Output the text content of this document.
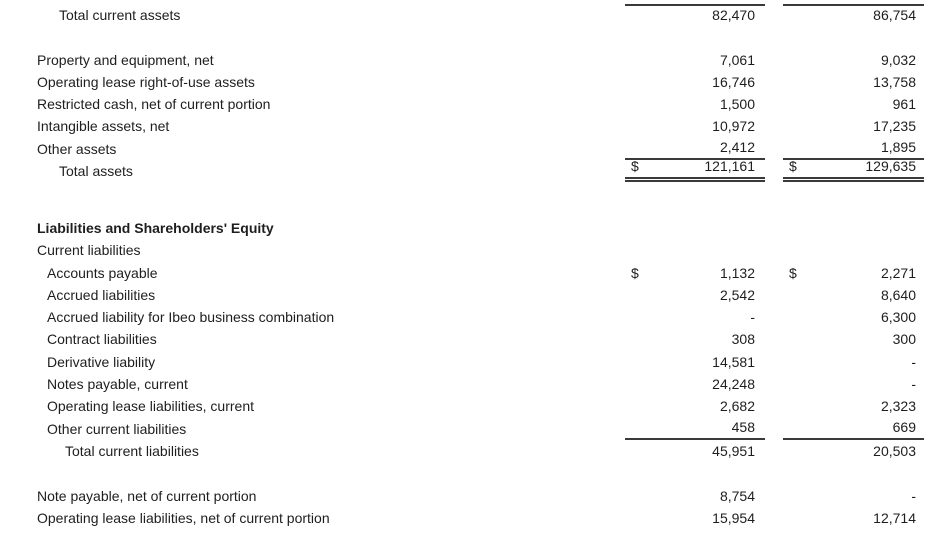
Total current assets	82,470	86,754
Property and equipment, net	7,061	9,032
Operating lease right-of-use assets	16,746	13,758
Restricted cash, net of current portion	1,500	961
Intangible assets, net	10,972	17,235
Other assets	2,412	1,895
Total assets	$	121,161	$	129,635
Liabilities and Shareholders' Equity
Current liabilities
Accounts payable	$	1,132	$	2,271
Accrued liabilities	2,542	8,640
Accrued liability for Ibeo business combination	-	6,300
Contract liabilities	308	300
Derivative liability	14,581	-
Notes payable, current	24,248	-
Operating lease liabilities, current	2,682	2,323
Other current liabilities	458	669
Total current liabilities	45,951	20,503
Note payable, net of current portion	8,754	-
Operating lease liabilities, net of current portion	15,954	12,714
